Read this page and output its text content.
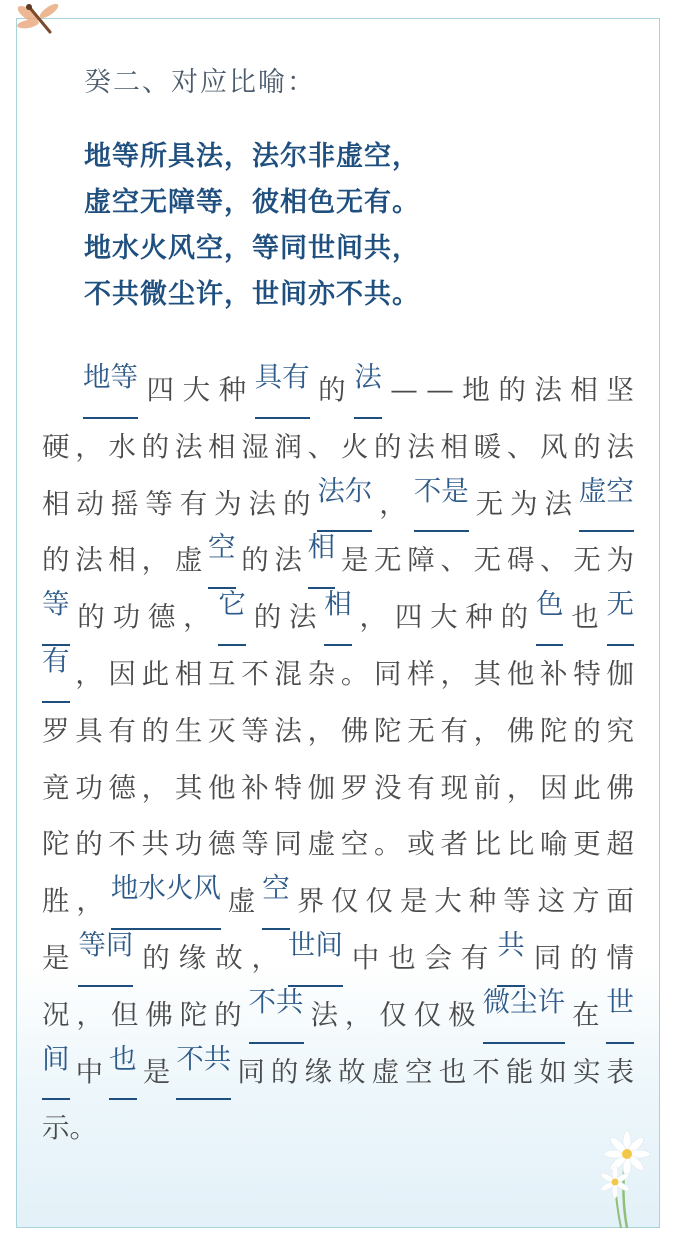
癸二、对应比喻：
地等所具法，法尔非虚空，
虚空无障等，彼相色无有。
地水火风空，等同世间共，
不共微尘许，世间亦不共。
地等 四 大 种 具有 的 法 — — 地 的 法 相 坚
硬 ， 水 的 法 相 湿 润 、 火 的 法 相 暖 、 风 的 法
相 动 摇 等 有 为 法 的 法尔 ， 不是 无 为 法 虚空
的 法 相 ， 虚 空 的 法 相 是 无 障 、 无 碍 、 无 为
等 的 功 德 ， 它 的 法 相 ， 四 大 种 的 色 也 无
有 ， 因 此 相 互 不 混 杂 。 同 样 ， 其 他 补 特 伽
罗 具 有 的 生 灭 等 法 ， 佛 陀 无 有 ， 佛 陀 的 究
竟 功 德 ， 其 他 补 特 伽 罗 没 有 现 前 ， 因 此 佛
陀 的 不 共 功 德 等 同 虚 空 。 或 者 比 比 喻 更 超
胜 ， 地水火风 虚 空 界 仅 仅 是 大 种 等 这 方 面
是 等同 的 缘 故 ， 世间 中 也 会 有 共 同 的 情
况 ， 但 佛 陀 的 不共 法 ， 仅 仅 极 微尘许 在 世
间 中 也 是 不共 同 的 缘 故 虚 空 也 不 能 如 实 表
示 。
